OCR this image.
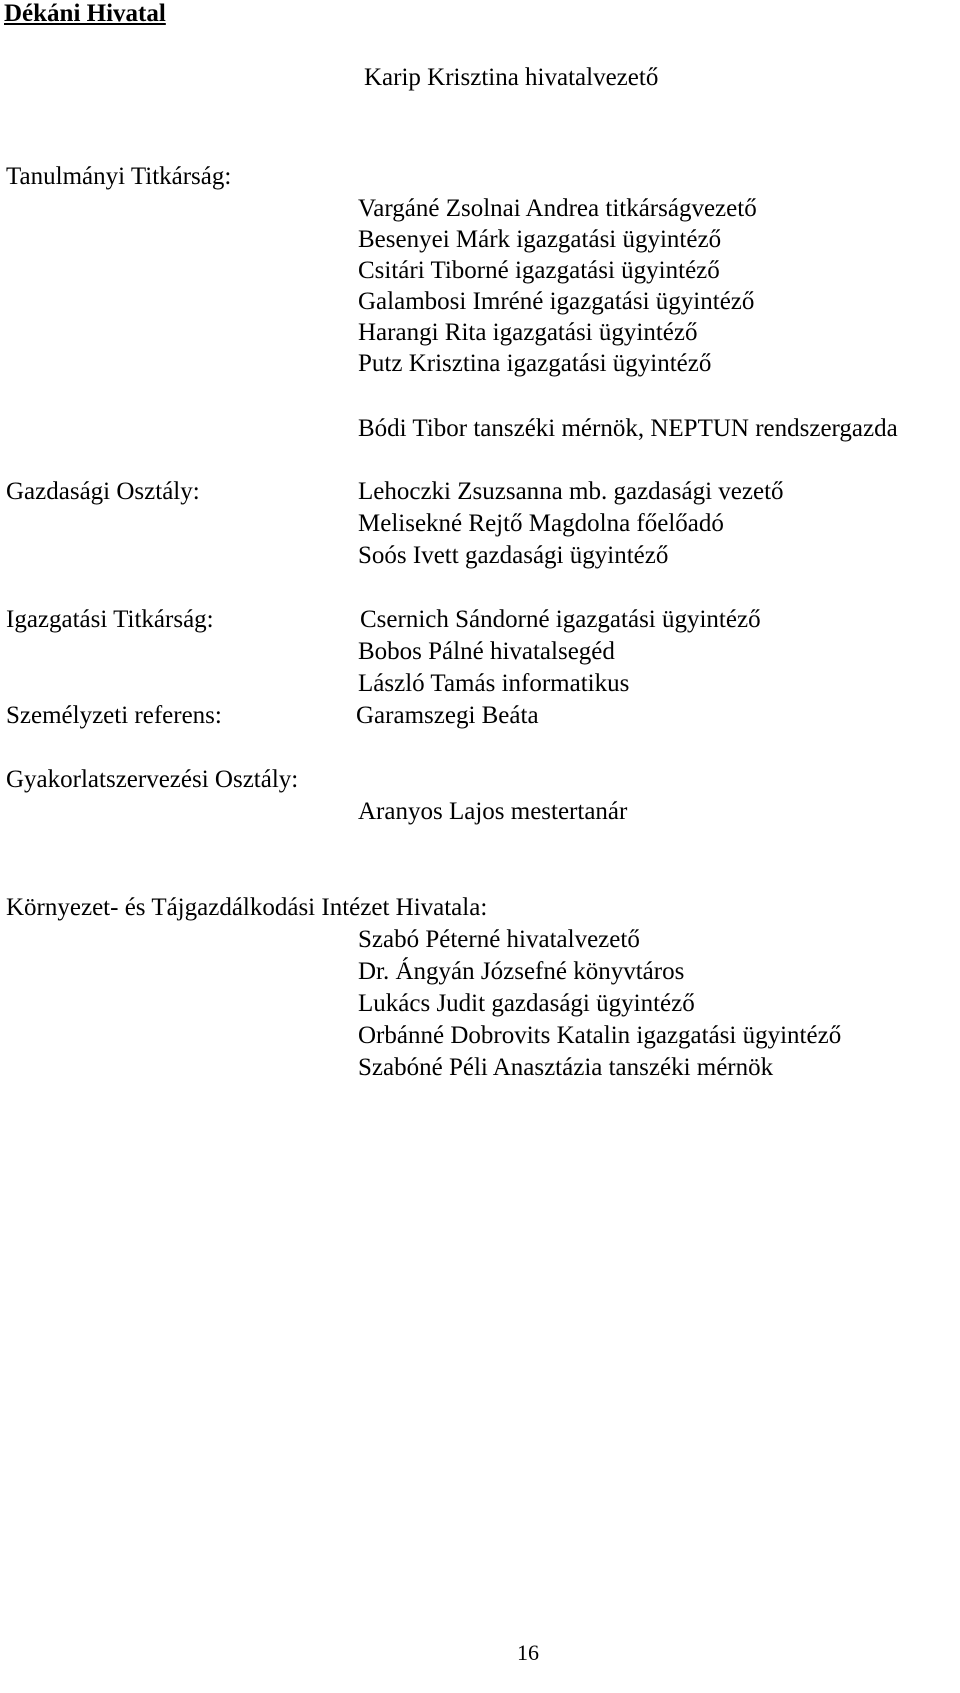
Dékáni Hivatal
Karip Krisztina hivatalvezető
Tanulmányi Titkárság:
Vargáné Zsolnai Andrea titkárságvezető
Besenyei Márk igazgatási ügyintéző
Csitári Tiborné igazgatási ügyintéző
Galambosi Imréné igazgatási ügyintéző
Harangi Rita igazgatási ügyintéző
Putz Krisztina igazgatási ügyintéző
Bódi Tibor tanszéki mérnök, NEPTUN rendszergazda
Gazdasági Osztály:	Lehoczki Zsuzsanna mb. gazdasági vezető
Melisekné Rejtő Magdolna főelőadó
Soós Ivett gazdasági ügyintéző
Igazgatási Titkárság:	Csernich Sándorné igazgatási ügyintéző
Bobos Pálné hivatalsegéd
László Tamás informatikus
Személyzeti referens:	Garamszegi Beáta
Gyakorlatszervezési Osztály:
Aranyos Lajos mestertanár
Környezet- és Tájgazdálkodási Intézet Hivatala:
Szabó Péterné hivatalvezető
Dr. Ángyán Józsefné könyvtáros
Lukács Judit gazdasági ügyintéző
Orbánné Dobrovits Katalin igazgatási ügyintéző
Szabóné Péli Anasztázia tanszéki mérnök
16
